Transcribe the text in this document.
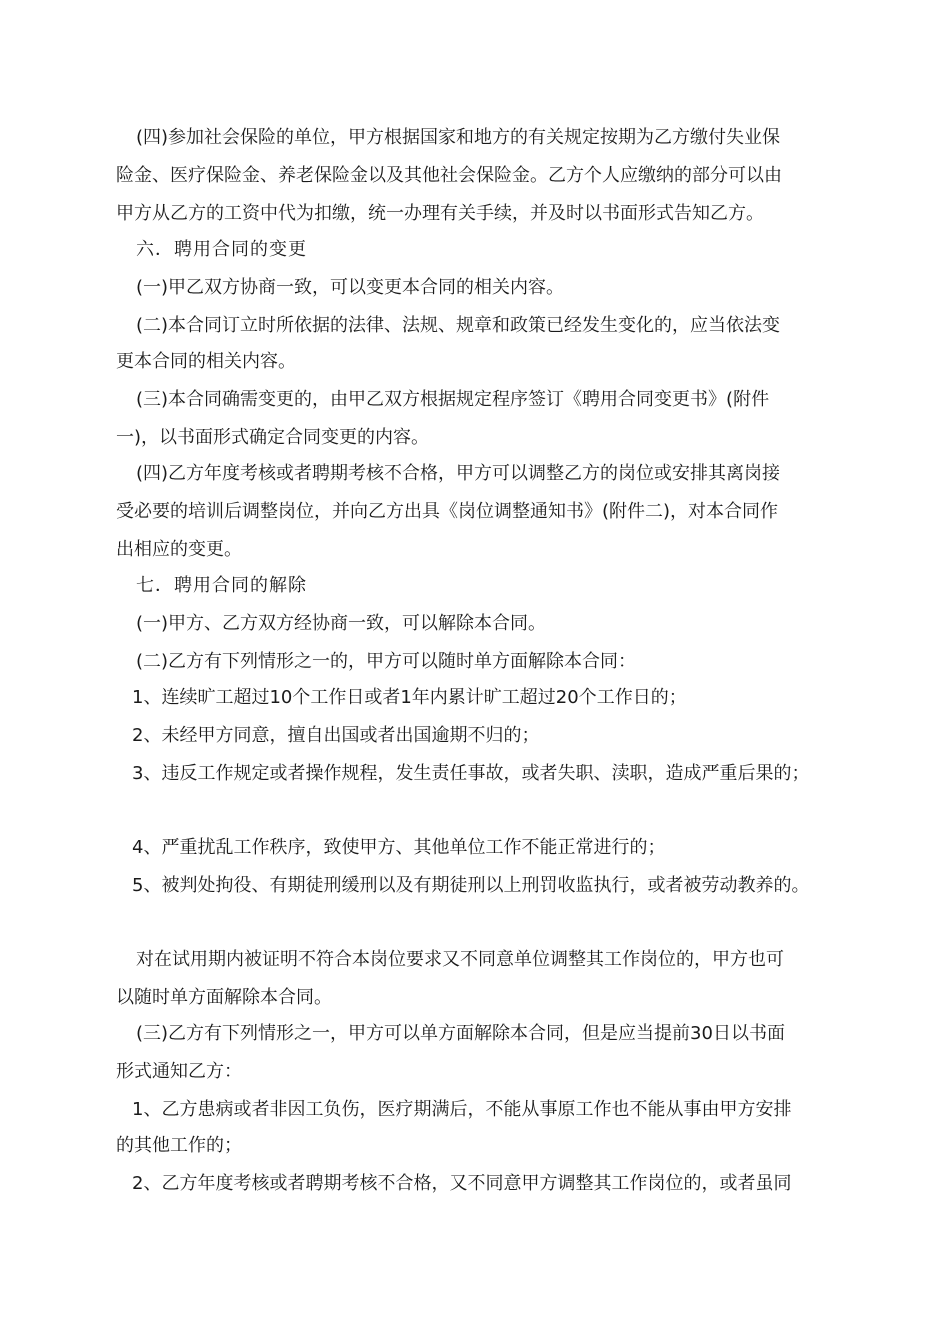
(四)参加社会保险的单位，甲方根据国家和地方的有关规定按期为乙方缴付失业保
险金、医疗保险金、养老保险金以及其他社会保险金。乙方个人应缴纳的部分可以由
甲方从乙方的工资中代为扣缴，统一办理有关手续，并及时以书面形式告知乙方。
六．聘用合同的变更
(一)甲乙双方协商一致，可以变更本合同的相关内容。
(二)本合同订立时所依据的法律、法规、规章和政策已经发生变化的，应当依法变
更本合同的相关内容。
(三)本合同确需变更的，由甲乙双方根据规定程序签订《聘用合同变更书》(附件
一)，以书面形式确定合同变更的内容。
(四)乙方年度考核或者聘期考核不合格，甲方可以调整乙方的岗位或安排其离岗接
受必要的培训后调整岗位，并向乙方出具《岗位调整通知书》(附件二)，对本合同作
出相应的变更。
七．聘用合同的解除
(一)甲方、乙方双方经协商一致，可以解除本合同。
(二)乙方有下列情形之一的，甲方可以随时单方面解除本合同：
1、连续旷工超过10个工作日或者1年内累计旷工超过20个工作日的；
2、未经甲方同意，擅自出国或者出国逾期不归的；
3、违反工作规定或者操作规程，发生责任事故，或者失职、渎职，造成严重后果的；
4、严重扰乱工作秩序，致使甲方、其他单位工作不能正常进行的；
5、被判处拘役、有期徒刑缓刑以及有期徒刑以上刑罚收监执行，或者被劳动教养的。
对在试用期内被证明不符合本岗位要求又不同意单位调整其工作岗位的，甲方也可
以随时单方面解除本合同。
(三)乙方有下列情形之一，甲方可以单方面解除本合同，但是应当提前30日以书面
形式通知乙方：
1、乙方患病或者非因工负伤，医疗期满后，不能从事原工作也不能从事由甲方安排
的其他工作的；
2、乙方年度考核或者聘期考核不合格，又不同意甲方调整其工作岗位的，或者虽同
